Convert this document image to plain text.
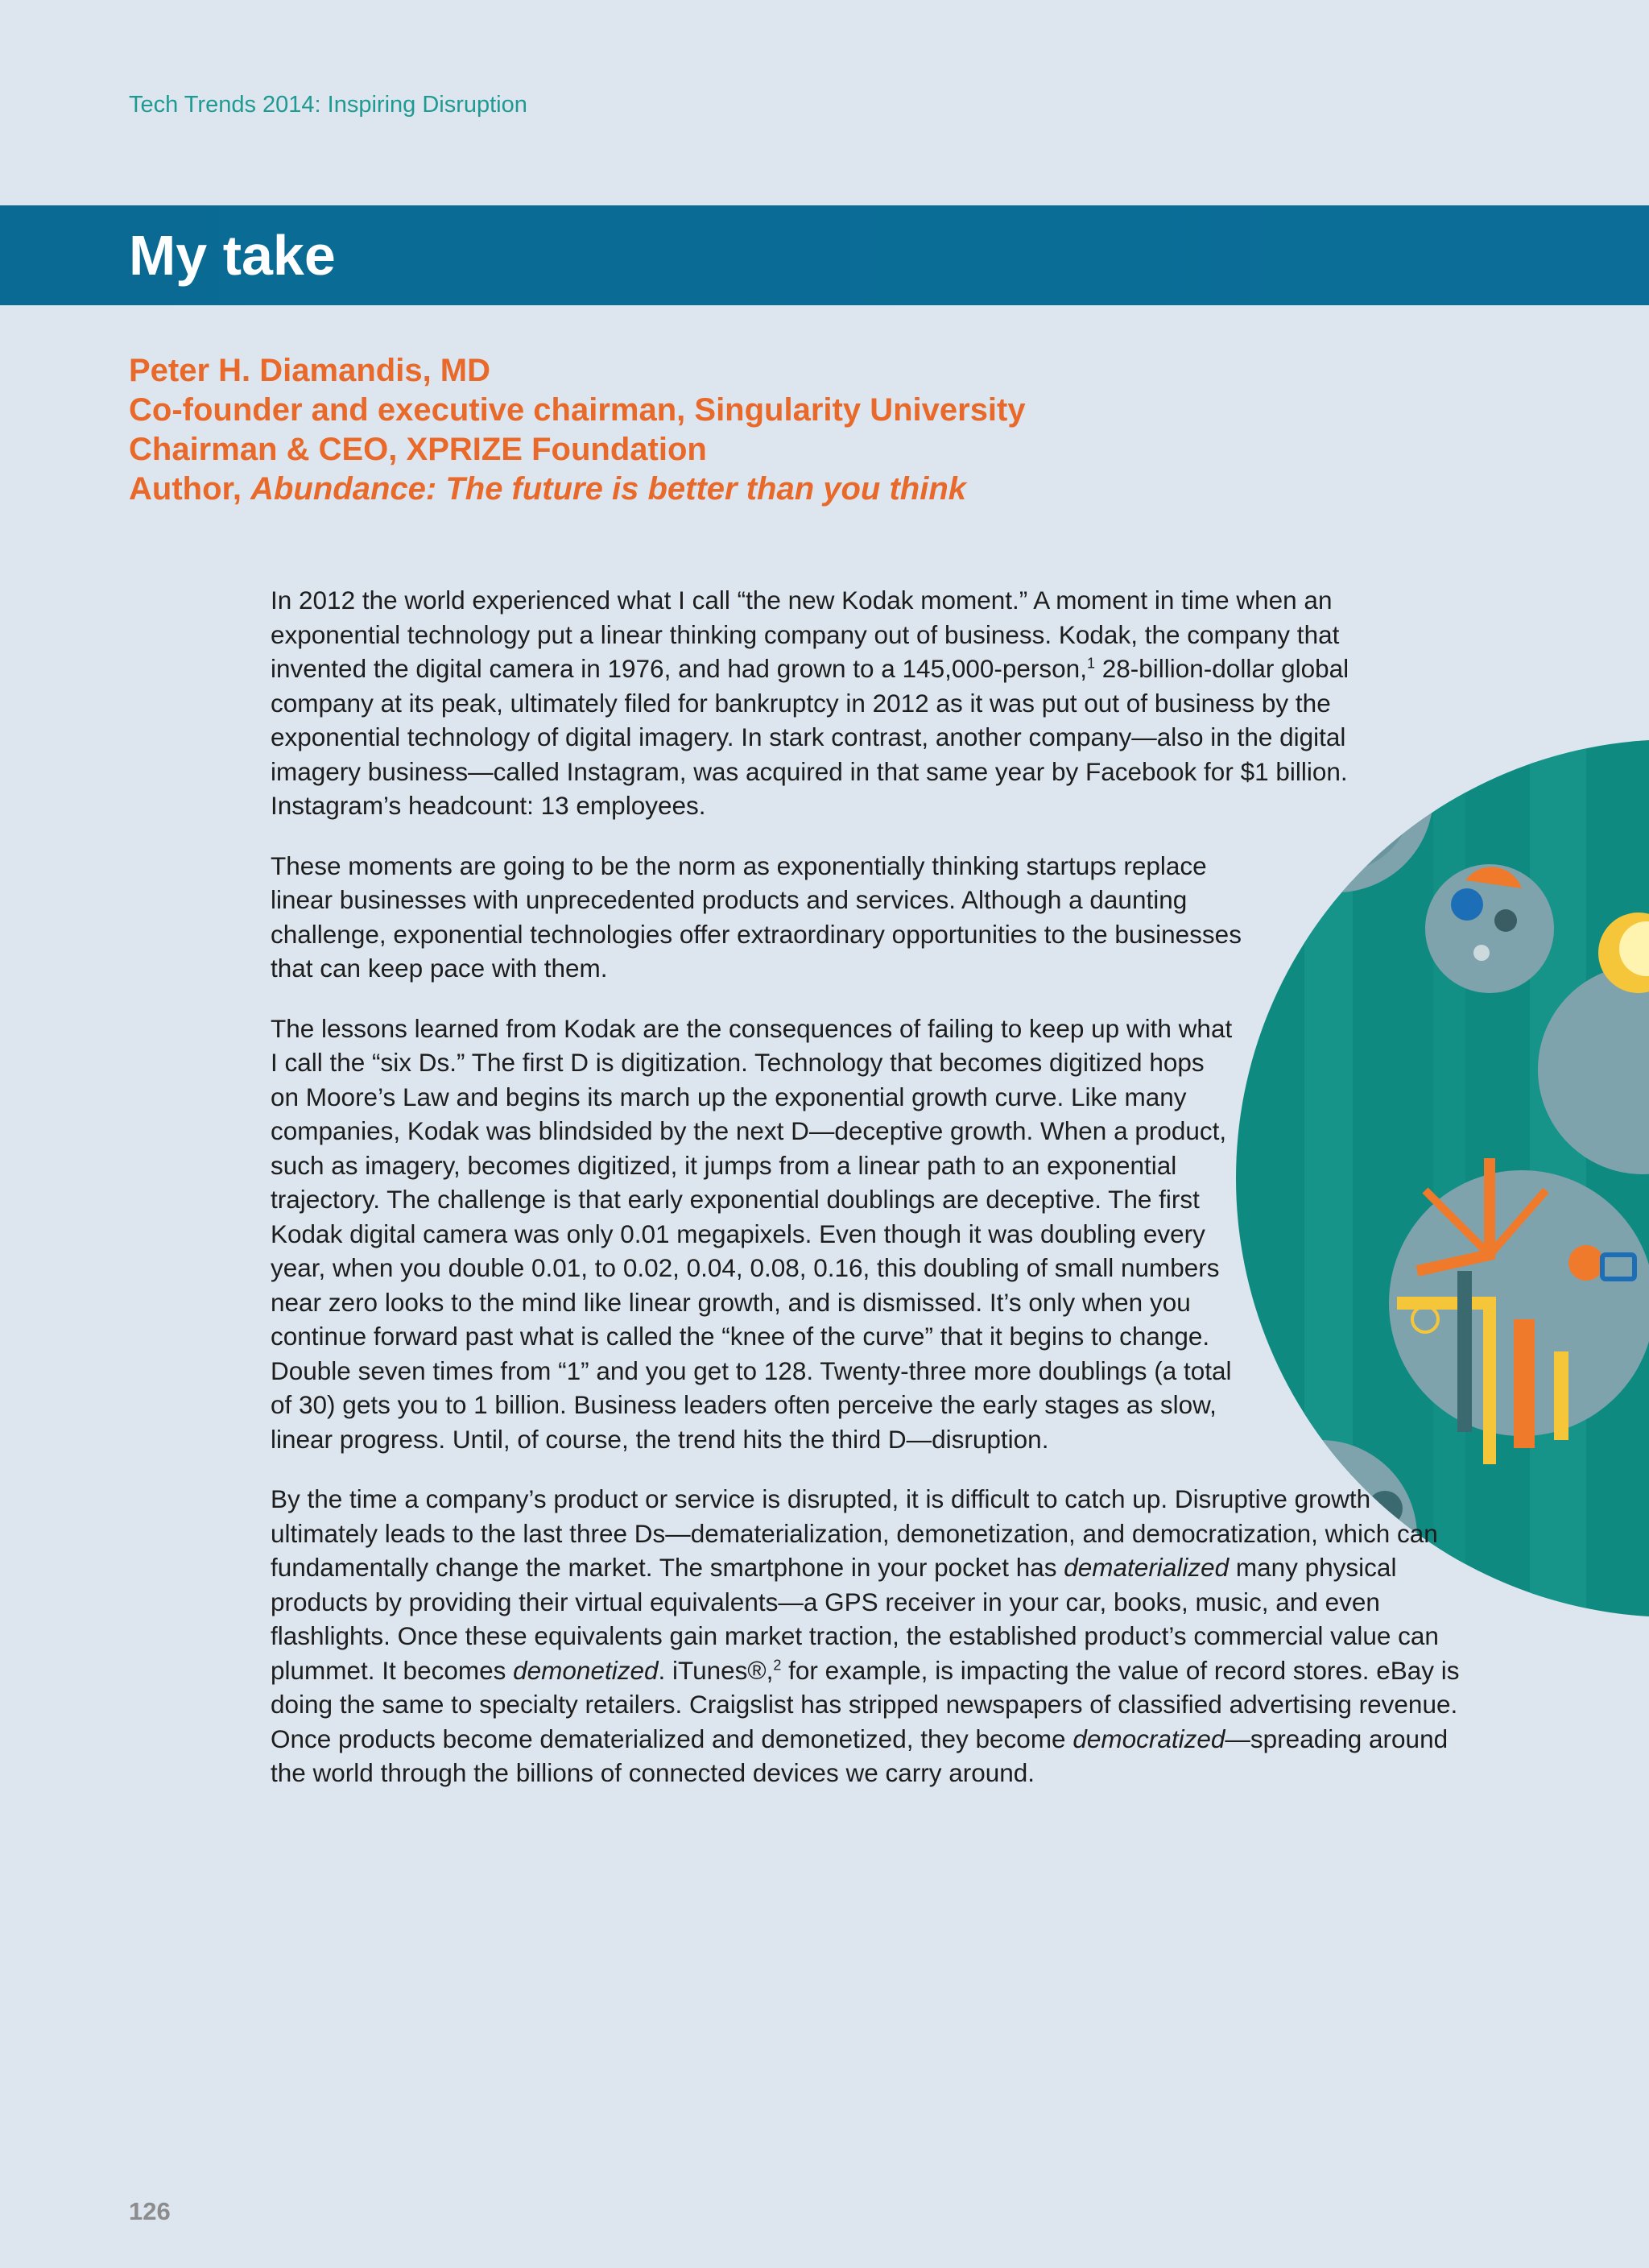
Tech Trends 2014: Inspiring Disruption
My take
Peter H. Diamandis, MD
Co-founder and executive chairman, Singularity University
Chairman & CEO, XPRIZE Foundation
Author, Abundance: The future is better than you think

In 2012 the world experienced what I call “the new Kodak moment.” A moment in time when an exponential technology put a linear thinking company out of business. Kodak, the company that invented the digital camera in 1976, and had grown to a 145,000-person,$^1$ 28-billion-dollar global company at its peak, ultimately filed for bankruptcy in 2012 as it was put out of business by the exponential technology of digital imagery. In stark contrast, another company—also in the digital imagery business—called Instagram, was acquired in that same year by Facebook for $1 billion. Instagram’s headcount: 13 employees.

These moments are going to be the norm as exponentially thinking startups replace linear businesses with unprecedented products and services. Although a daunting challenge, exponential technologies offer extraordinary opportunities to the businesses that can keep pace with them.

The lessons learned from Kodak are the consequences of failing to keep up with what I call the “six Ds.” The first D is digitization. Technology that becomes digitized hops on Moore’s Law and begins its march up the exponential growth curve. Like many companies, Kodak was blindsided by the next D—deceptive growth. When a product, such as imagery, becomes digitized, it jumps from a linear path to an exponential trajectory. The challenge is that early exponential doublings are deceptive. The first Kodak digital camera was only 0.01 megapixels. Even though it was doubling every year, when you double 0.01, to 0.02, 0.04, 0.08, 0.16, this doubling of small numbers near zero looks to the mind like linear growth, and is dismissed. It’s only when you continue forward past what is called the “knee of the curve” that it begins to change. Double seven times from “1” and you get to 128. Twenty-three more doublings (a total of 30) gets you to 1 billion. Business leaders often perceive the early stages as slow, linear progress. Until, of course, the trend hits the third D—disruption.

By the time a company’s product or service is disrupted, it is difficult to catch up. Disruptive growth ultimately leads to the last three Ds—dematerialization, demonetization, and democratization, which can fundamentally change the market. The smartphone in your pocket has dematerialized many physical products by providing their virtual equivalents—a GPS receiver in your car, books, music, and even flashlights. Once these equivalents gain market traction, the established product’s commercial value can plummet. It becomes demonetized. iTunes®,$^2$ for example, is impacting the value of record stores. eBay is doing the same to specialty retailers. Craigslist has stripped newspapers of classified advertising revenue. Once products become dematerialized and demonetized, they become democratized—spreading around the world through the billions of connected devices we carry around.

126
